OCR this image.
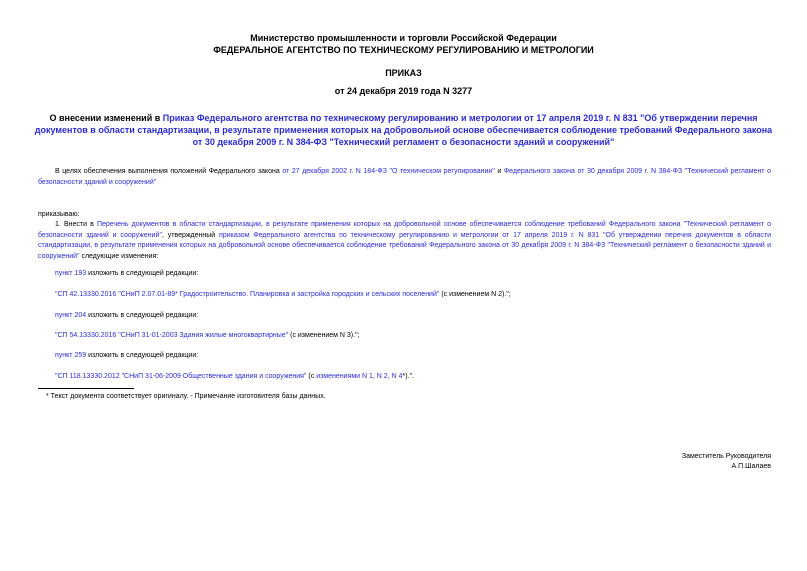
Министерство промышленности и торговли Российской Федерации
ФЕДЕРАЛЬНОЕ АГЕНТСТВО ПО ТЕХНИЧЕСКОМУ РЕГУЛИРОВАНИЮ И МЕТРОЛОГИИ
ПРИКАЗ
от 24 декабря 2019 года N 3277
О внесении изменений в Приказ Федерального агентства по техническому регулированию и метрологии от 17 апреля 2019 г. N 831 "Об утверждении перечня документов в области стандартизации, в результате применения которых на добровольной основе обеспечивается соблюдение требований Федерального закона от 30 декабря 2009 г. N 384-ФЗ "Технический регламент о безопасности зданий и сооружений"
В целях обеспечения выполнения положений Федерального закона от 27 декабря 2002 г. N 184-ФЗ "О техническом регулировании" и Федерального закона от 30 декабря 2009 г. N 384-ФЗ "Технический регламент о безопасности зданий и сооружений"
приказываю:
1. Внести в Перечень документов в области стандартизации, в результате применения которых на добровольной основе обеспечивается соблюдение требований Федерального закона "Технический регламент о безопасности зданий и сооружений", утвержденный приказом Федерального агентства по техническому регулированию и метрологии от 17 апреля 2019 г. N 831 "Об утверждении перечня документов в области стандартизации, в результате применения которых на добровольной основе обеспечивается соблюдение требований Федерального закона от 30 декабря 2009 г. N 384-ФЗ "Технический регламент о безопасности зданий и сооружений" следующие изменения:
пункт 193 изложить в следующей редакции:
"СП 42.13330.2016 "СНиП 2.07.01-89* Градостроительство. Планировка и застройка городских и сельских поселений" (с изменением N 2).";
пункт 204 изложить в следующей редакции:
"СП 54.13330.2016 "СНиП 31-01-2003 Здания жилые многоквартирные" (с изменением N 3).";
пункт 259 изложить в следующей редакции:
"СП 118.13330.2012 "СНиП 31-06-2009 Общественные здания и сооружения" (с изменениями N 1, N 2, N 4*).".
* Текст документа соответствует оригиналу. - Примечание изготовителя базы данных.
Заместитель Руководителя
А.П.Шалаев
